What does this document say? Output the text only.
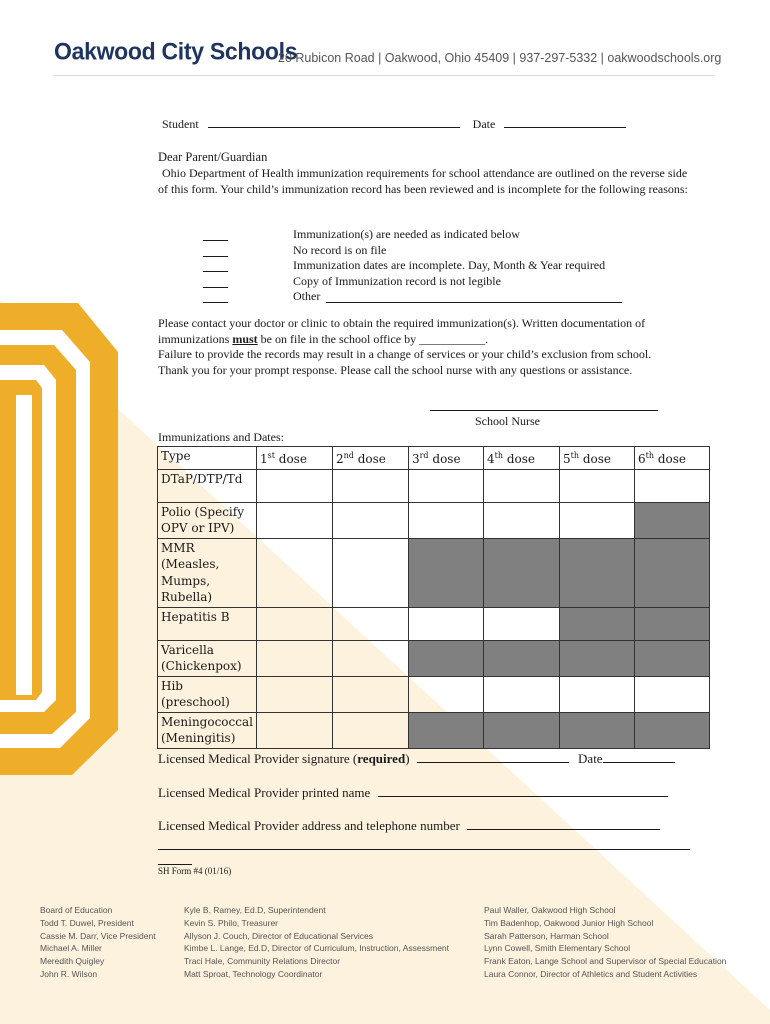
Oakwood City Schools
20 Rubicon Road | Oakwood, Ohio 45409 | 937-297-5332 | oakwoodschools.org
Student	Date
Dear Parent/Guardian
Ohio Department of Health immunization requirements for school attendance are outlined on the reverse side of this form. Your child’s immunization record has been reviewed and is incomplete for the following reasons:
Immunization(s) are needed as indicated below
No record is on file
Immunization dates are incomplete. Day, Month & Year required
Copy of Immunization record is not legible
Other
Please contact your doctor or clinic to obtain the required immunization(s). Written documentation of immunizations must be on file in the school office by ___________.
Failure to provide the records may result in a change of services or your child’s exclusion from school.
Thank you for your prompt response. Please call the school nurse with any questions or assistance.
School Nurse
Immunizations and Dates:
Type	1st dose	2nd dose	3rd dose	4th dose	5th dose	6th dose
DTaP/DTP/Td						
Polio (Specify OPV or IPV)						
MMR (Measles, Mumps, Rubella)						
Hepatitis B						
Varicella (Chickenpox)						
Hib (preschool)						
Meningococcal (Meningitis)						
Licensed Medical Provider signature (required)	Date
Licensed Medical Provider printed name
Licensed Medical Provider address and telephone number
SH Form #4 (01/16)
Board of Education
Todd T. Duwel, President
Cassie M. Darr, Vice President
Michael A. Miller
Meredith Quigley
John R. Wilson
Kyle B. Ramey, Ed.D, Superintendent
Kevin S. Philo, Treasurer
Allyson J. Couch, Director of Educational Services
Kimbe L. Lange, Ed.D, Director of Curriculum, Instruction, Assessment
Traci Hale, Community Relations Director
Matt Sproat, Technology Coordinator
Paul Waller, Oakwood High School
Tim Badenhop, Oakwood Junior High School
Sarah Patterson, Harman School
Lynn Cowell, Smith Elementary School
Frank Eaton, Lange School and Supervisor of Special Education
Laura Connor, Director of Athletics and Student Activities
